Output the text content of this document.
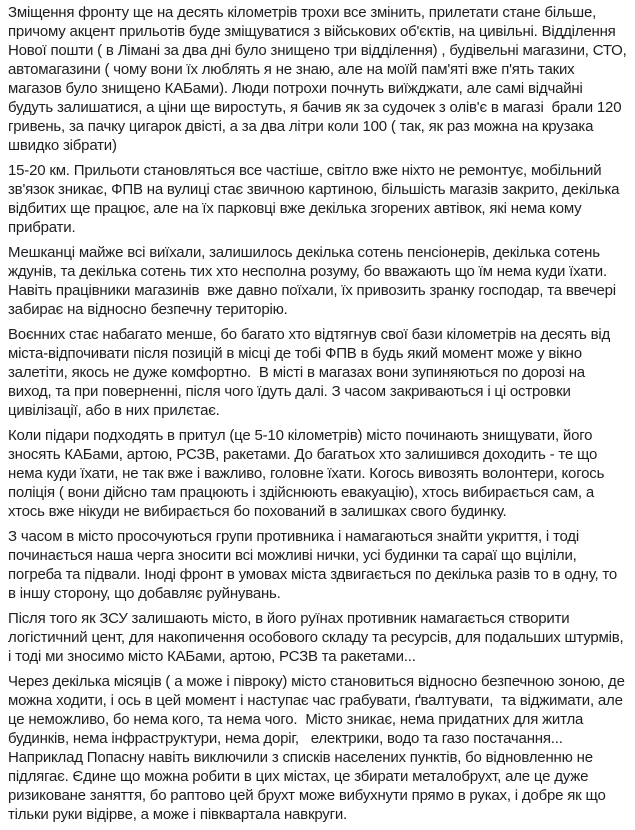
Зміщення фронту ще на десять кілометрів трохи все змінить, прилетати стане більше, причому акцент прильотів буде зміщуватися з військових об'єктів, на цивільні. Відділення Нової пошти ( в Лімані за два дні було знищено три відділення) , будівельні магазини, СТО, автомагазини ( чому вони їх люблять я не знаю, але на моїй пам'яті вже п'ять таких магазов було знищено КАБами). Люди потрохи почнуть виїжджати, але самі відчайні будуть залишатися, а ціни ще виростуть, я бачив як за судочек з олів'є в магазі  брали 120 гривень, за пачку цигарок двісті, а за два літри коли 100 ( так, як раз можна на крузака швидко зібрати)

15-20 км. Прильоти становляться все частіше, світло вже ніхто не ремонтує, мобільний зв'язок зникає, ФПВ на вулиці стає звичною картиною, більшість магазів закрито, декілька відбитих ще працює, але на їх парковці вже декілька згорених автівок, які нема кому прибрати.

Мешканці майже всі виїхали, залишилось декілька сотень пенсіонерів, декілька сотень ждунів, та декілька сотень тих хто несполна розуму, бо вважають що їм нема куди їхати. Навіть працівники магазинів  вже давно поїхали, їх привозить зранку господар, та ввечері забирає на відносно безпечну територію.

Воєнних стає набагато менше, бо багато хто відтягнув свої бази кілометрів на десять від міста-відпочивати після позицій в місці де тобі ФПВ в будь який момент може у вікно залетіти, якось не дуже комфортно.  В місті в магазах вони зупиняються по дорозі на виход, та при поверненні, після чого їдуть далі. З часом закриваються і ці островки цивілізації, або в них прилєтає.

Коли підари подходять в притул (це 5-10 кілометрів) місто починають знищувати, його зносять КАБами, артою, РСЗВ, ракетами. До багатьох хто залишився доходить - те що нема куди їхати, не так вже і важливо, головне їхати. Когось вивозять волонтери, когось поліція ( вони дійсно там працюють і здійснюють евакуацію), хтось вибирається сам, а хтось вже нікуди не вибирається бо похований в залишках свого будинку.

З часом в місто просочуються групи противника і намагаються знайти укриття, і тоді починається наша черга зносити всі можливі нички, усі будинки та сараї що вціліли, погреба та підвали. Іноді фронт в умовах міста здвигається по декілька разів то в одну, то в іншу сторону, що добавляє руйнувань.

Після того як ЗСУ залишають місто, в його руїнах противник намагається створити логістичний цент, для накопичення особового складу та ресурсів, для подальших штурмів, і тоді ми зносимо місто КАБами, артою, РСЗВ та ракетами...

Через декілька місяців ( а може і півроку) місто становиться відносно безпечною зоною, де можна ходити, і ось в цей момент і наступає час грабувати, ґвалтувати,  та віджимати, але це неможливо, бо нема кого, та нема чого.  Місто зникає, нема придатних для житла будинків, нема інфраструктури, нема доріг,   електрики, водо та газо постачання... Наприклад Попасну навіть виключили з списків населених пунктів, бо відновленню не підлягає. Єдине що можна робити в цих містах, це збирати металобрухт, але це дуже ризиковане заняття, бо раптово цей брухт може вибухнути прямо в руках, і добре як що тільки руки відірве, а може і півквартала навкруги.
